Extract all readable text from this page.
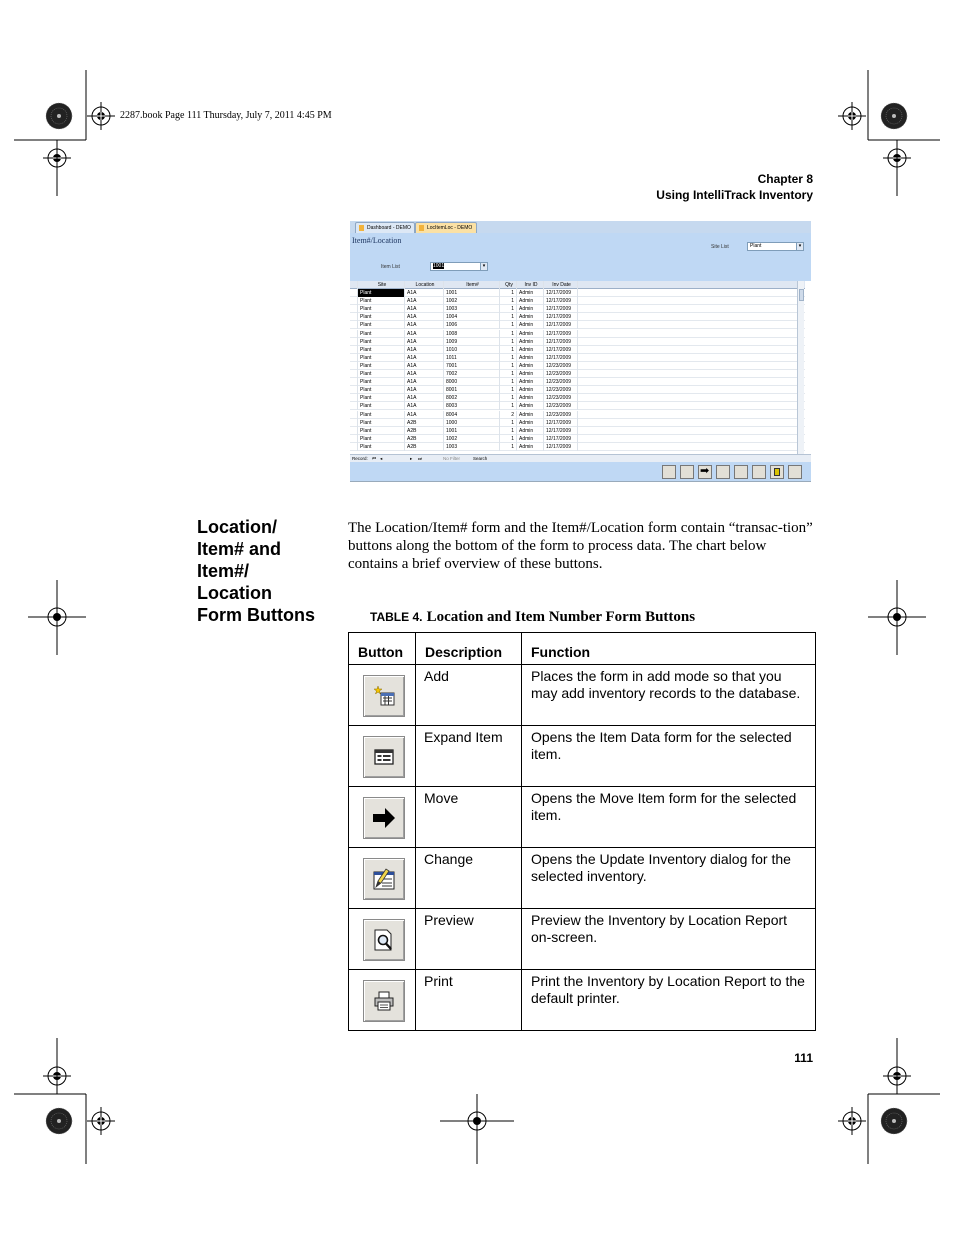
2287.book Page 111 Thursday, July 7, 2011 4:45 PM
Chapter 8
Using IntelliTrack Inventory
Dashboard - DEMO	LocItemLoc - DEMO
Item#/Location
Site List	Plant	▾
Item List	1001	▾
Site	Location	Item#	Qty	Inv ID	Inv Date
Plant	A1A	1001	1	Admin	12/17/2009
Plant	A1A	1002	1	Admin	12/17/2009
Plant	A1A	1003	1	Admin	12/17/2009
Plant	A1A	1004	1	Admin	12/17/2009
Plant	A1A	1006	1	Admin	12/17/2009
Plant	A1A	1008	1	Admin	12/17/2009
Plant	A1A	1009	1	Admin	12/17/2009
Plant	A1A	1010	1	Admin	12/17/2009
Plant	A1A	1011	1	Admin	12/17/2009
Plant	A1A	7001	1	Admin	12/23/2009
Plant	A1A	7002	1	Admin	12/23/2009
Plant	A1A	8000	1	Admin	12/23/2009
Plant	A1A	8001	1	Admin	12/23/2009
Plant	A1A	8002	1	Admin	12/23/2009
Plant	A1A	8003	1	Admin	12/23/2009
Plant	A1A	8004	2	Admin	12/23/2009
Plant	A2B	1000	1	Admin	12/17/2009
Plant	A2B	1001	1	Admin	12/17/2009
Plant	A2B	1002	1	Admin	12/17/2009
Plant	A2B	1003	1	Admin	12/17/2009
Record: ⏮ ◂	▸ ⏭	No Filter	Search
➡
Location/
Item# and
Item#/
Location
Form Buttons
The Location/Item# form and the Item#/Location form contain “transac-tion” buttons along the bottom of the form to process data. The chart below contains a brief overview of these buttons.
TABLE 4. Location and Item Number Form Buttons
Button	Description	Function

	Add	Places the form in add mode so that you may add inventory records to the database.

	Expand Item	Opens the Item Data form for the selected item.

	Move	Opens the Move Item form for the selected item.

	Change	Opens the Update Inventory dialog for the selected inventory.

	Preview	Preview the Inventory by Location Report on-screen.

	Print	Print the Inventory by Location Report to the default printer.
111
